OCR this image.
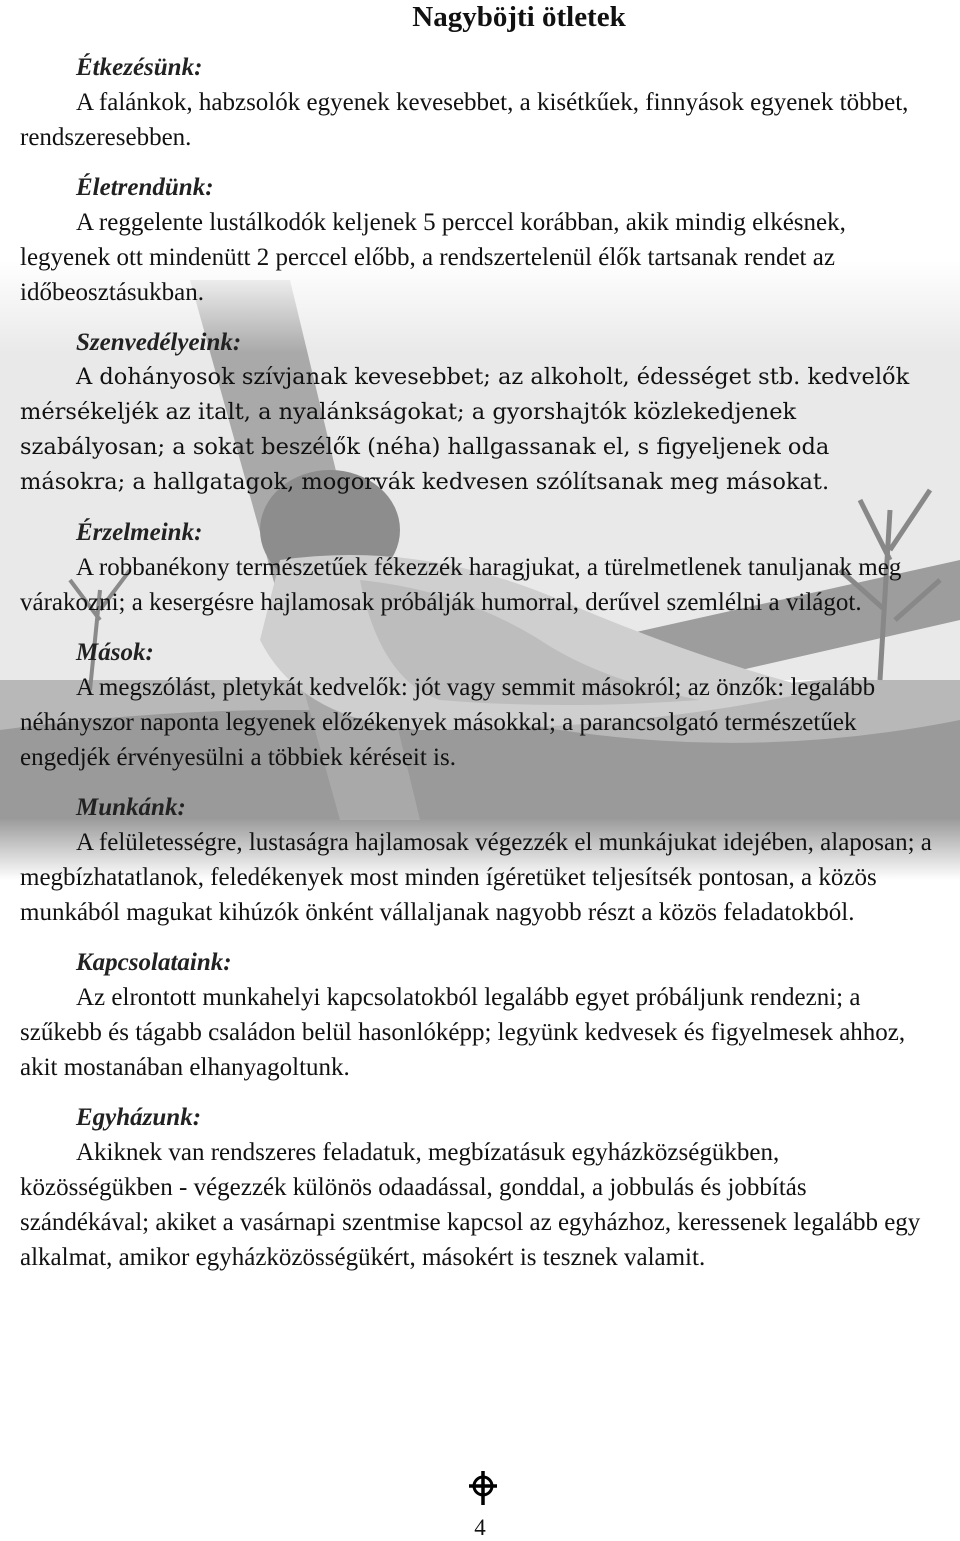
Nagyböjti ötletek
Étkezésünk:

A falánkok, habzsolók egyenek kevesebbet, a kisétkűek, finnyások egyenek többet, rendszeresebben.

Életrendünk:

A reggelente lustálkodók keljenek 5 perccel korábban, akik mindig elkésnek, legyenek ott mindenütt 2 perccel előbb, a rendszertelenül élők tartsanak rendet az időbeosztásukban.

Szenvedélyeink:

A dohányosok szívjanak kevesebbet; az alkoholt, édességet stb. kedvelők mérsékeljék az italt, a nyalánkságokat; a gyorshajtók közlekedjenek szabályosan; a sokat beszélők (néha) hallgassanak el, s figyeljenek oda másokra; a hallgatagok, mogorvák kedvesen szólítsanak meg másokat.

Érzelmeink:

A robbanékony természetűek fékezzék haragjukat, a türelmetlenek tanuljanak meg várakozni; a kesergésre hajlamosak próbálják humorral, derűvel szemlélni a világot.

Mások:

A megszólást, pletykát kedvelők: jót vagy semmit másokról; az önzők: legalább néhányszor naponta legyenek előzékenyek másokkal; a parancsolgató természetűek engedjék érvényesülni a többiek kéréseit is.

Munkánk:

A felületességre, lustaságra hajlamosak végezzék el munkájukat idejében, alaposan; a megbízhatatlanok, feledékenyek most minden ígéretüket teljesítsék pontosan, a közös munkából magukat kihúzók önként vállaljanak nagyobb részt a közös feladatokból.

Kapcsolataink:

Az elrontott munkahelyi kapcsolatokból legalább egyet próbáljunk rendezni; a szűkebb és tágabb családon belül hasonlóképp; legyünk kedvesek és figyelmesek ahhoz, akit mostanában elhanyagoltunk.

Egyházunk:

Akiknek van rendszeres feladatuk, megbízatásuk egyházközségükben, közösségükben - végezzék különös odaadással, gonddal, a jobbulás és jobbítás szándékával; akiket a vasárnapi szentmise kapcsol az egyházhoz, keressenek legalább egy alkalmat, amikor egyházközösségükért, másokért is tesznek valamit.

4
